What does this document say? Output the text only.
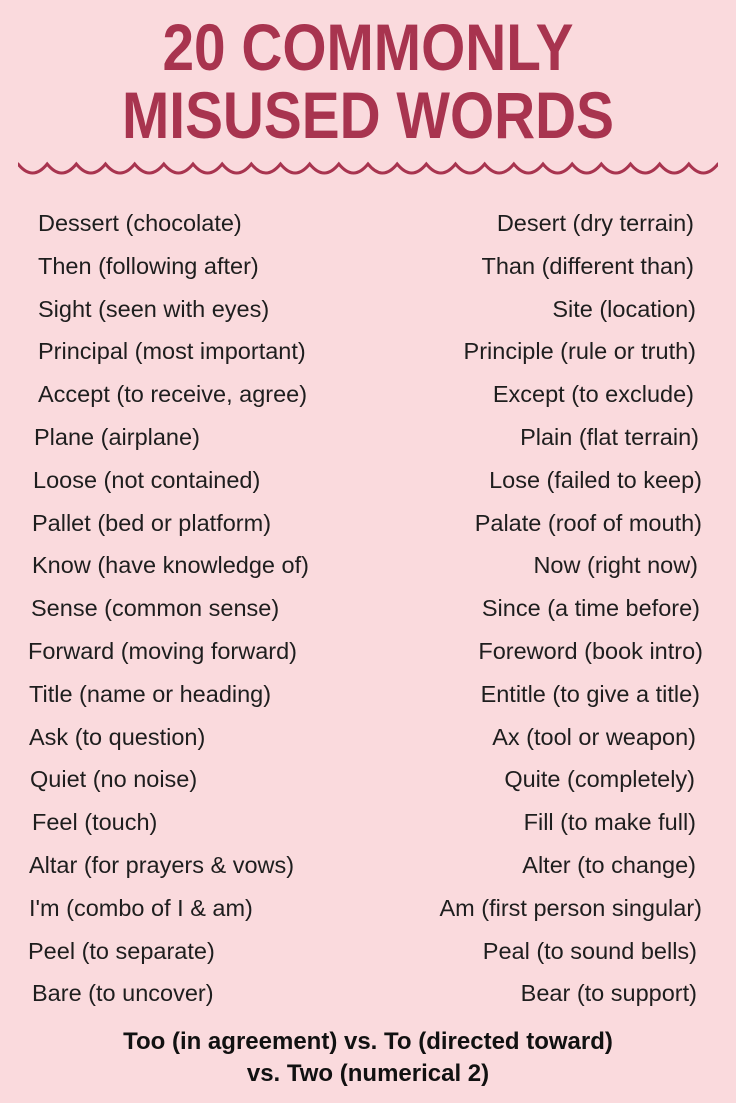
20 COMMONLY
MISUSED WORDS
Dessert (chocolate)	Desert (dry terrain)
Then (following after)	Than (different than)
Sight (seen with eyes)	Site (location)
Principal (most important)	Principle (rule or truth)
Accept (to receive, agree)	Except (to exclude)
Plane (airplane)	Plain (flat terrain)
Loose (not contained)	Lose (failed to keep)
Pallet (bed or platform)	Palate (roof of mouth)
Know (have knowledge of)	Now (right now)
Sense (common sense)	Since (a time before)
Forward (moving forward)	Foreword (book intro)
Title (name or heading)	Entitle (to give a title)
Ask (to question)	Ax (tool or weapon)
Quiet (no noise)	Quite (completely)
Feel (touch)	Fill (to make full)
Altar (for prayers & vows)	Alter (to change)
I'm (combo of I & am)	Am (first person singular)
Peel (to separate)	Peal (to sound bells)
Bare (to uncover)	Bear (to support)
Too (in agreement) vs. To (directed toward)
vs. Two (numerical 2)
